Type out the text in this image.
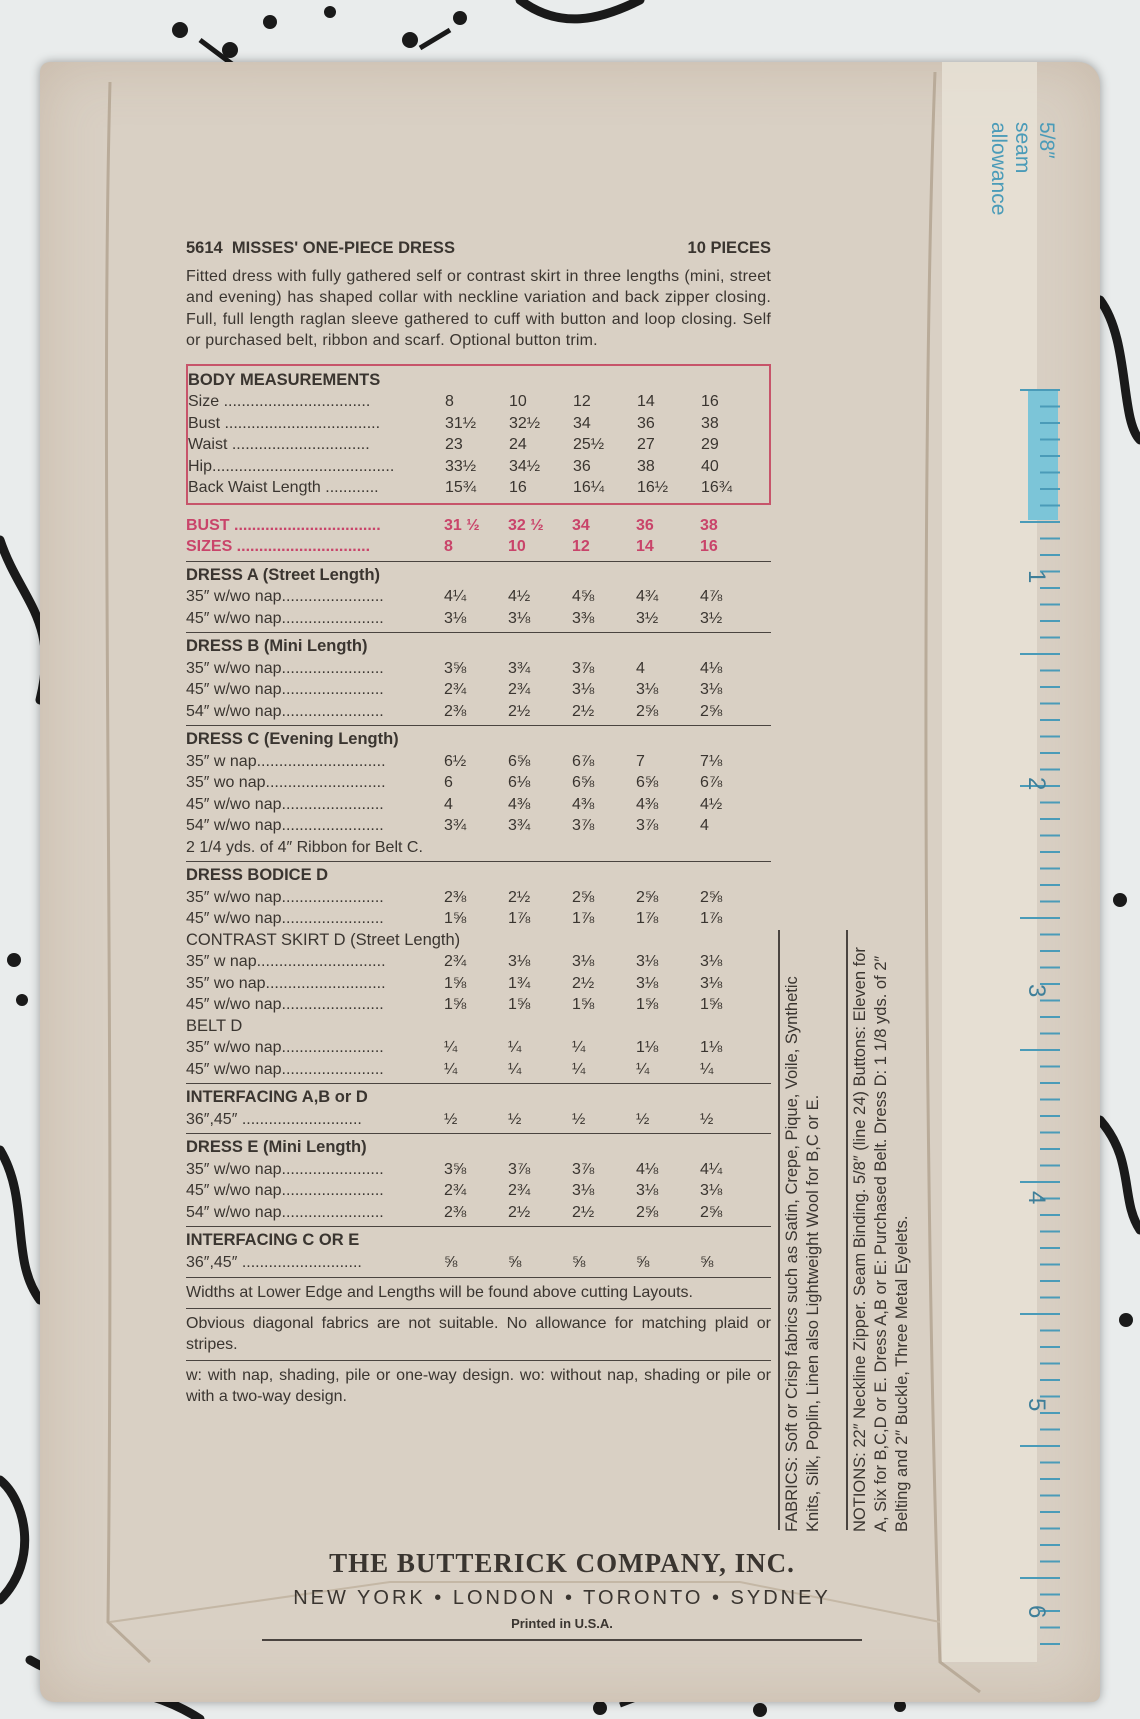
5/8″ seam allowance
1
2
3
4
5
6
5614 MISSES' ONE-PIECE DRESS	10 PIECES
Fitted dress with fully gathered self or contrast skirt in three lengths (mini, street and evening) has shaped collar with neckline variation and back zipper closing. Full, full length raglan sleeve gathered to cuff with button and loop closing. Self or purchased belt, ribbon and scarf. Optional button trim.
BODY MEASUREMENTS
Size .................................	8	10	12	14	16
Bust ...................................	31½	32½	34	36	38
Waist ...............................	23	24	25½	27	29
Hip.........................................	33½	34½	36	38	40
Back Waist Length ............	15¾	16	16¼	16½	16¾
BUST .................................	31 ½	32 ½	34	36	38
SIZES ..............................	8	10	12	14	16
DRESS A (Street Length)
35″ w/wo nap.......................	4¼	4½	4⅝	4¾	4⅞
45″ w/wo nap.......................	3⅛	3⅛	3⅜	3½	3½
DRESS B (Mini Length)
35″ w/wo nap.......................	3⅝	3¾	3⅞	4	4⅛
45″ w/wo nap.......................	2¾	2¾	3⅛	3⅛	3⅛
54″ w/wo nap.......................	2⅜	2½	2½	2⅝	2⅝
DRESS C (Evening Length)
35″ w nap.............................	6½	6⅝	6⅞	7	7⅛
35″ wo nap...........................	6	6⅛	6⅝	6⅝	6⅞
45″ w/wo nap.......................	4	4⅜	4⅜	4⅜	4½
54″ w/wo nap.......................	3¾	3¾	3⅞	3⅞	4
2 1/4 yds. of 4″ Ribbon for Belt C.
DRESS BODICE D
35″ w/wo nap.......................	2⅜	2½	2⅝	2⅝	2⅝
45″ w/wo nap.......................	1⅝	1⅞	1⅞	1⅞	1⅞
CONTRAST SKIRT D (Street Length)
35″ w nap.............................	2¾	3⅛	3⅛	3⅛	3⅛
35″ wo nap...........................	1⅝	1¾	2½	3⅛	3⅛
45″ w/wo nap.......................	1⅝	1⅝	1⅝	1⅝	1⅝
BELT D
35″ w/wo nap.......................	¼	¼	¼	1⅛	1⅛
45″ w/wo nap.......................	¼	¼	¼	¼	¼
INTERFACING A,B or D
36″,45″ ...........................	½	½	½	½	½
DRESS E (Mini Length)
35″ w/wo nap.......................	3⅝	3⅞	3⅞	4⅛	4¼
45″ w/wo nap.......................	2¾	2¾	3⅛	3⅛	3⅛
54″ w/wo nap.......................	2⅜	2½	2½	2⅝	2⅝
INTERFACING C OR E
36″,45″ ...........................	⅝	⅝	⅝	⅝	⅝
Widths at Lower Edge and Lengths will be found above cutting Layouts.
Obvious diagonal fabrics are not suitable. No allowance for matching plaid or stripes.
w: with nap, shading, pile or one-way design. wo: without nap, shading or pile or with a two-way design.	FABRICS: Soft or Crisp fabrics such as Satin, Crepe, Pique, Voile, Synthetic Knits, Silk, Poplin, Linen also Lightweight Wool for B,C or E. NOTIONS: 22″ Neckline Zipper. Seam Binding. 5/8″ (line 24) Buttons: Eleven for A, Six for B,C,D or E. Dress A,B or E: Purchased Belt. Dress D: 1 1/8 yds. of 2″ Belting and 2″ Buckle, Three Metal Eyelets.
THE BUTTERICK COMPANY, INC.
NEW YORK • LONDON • TORONTO • SYDNEY
Printed in U.S.A.
